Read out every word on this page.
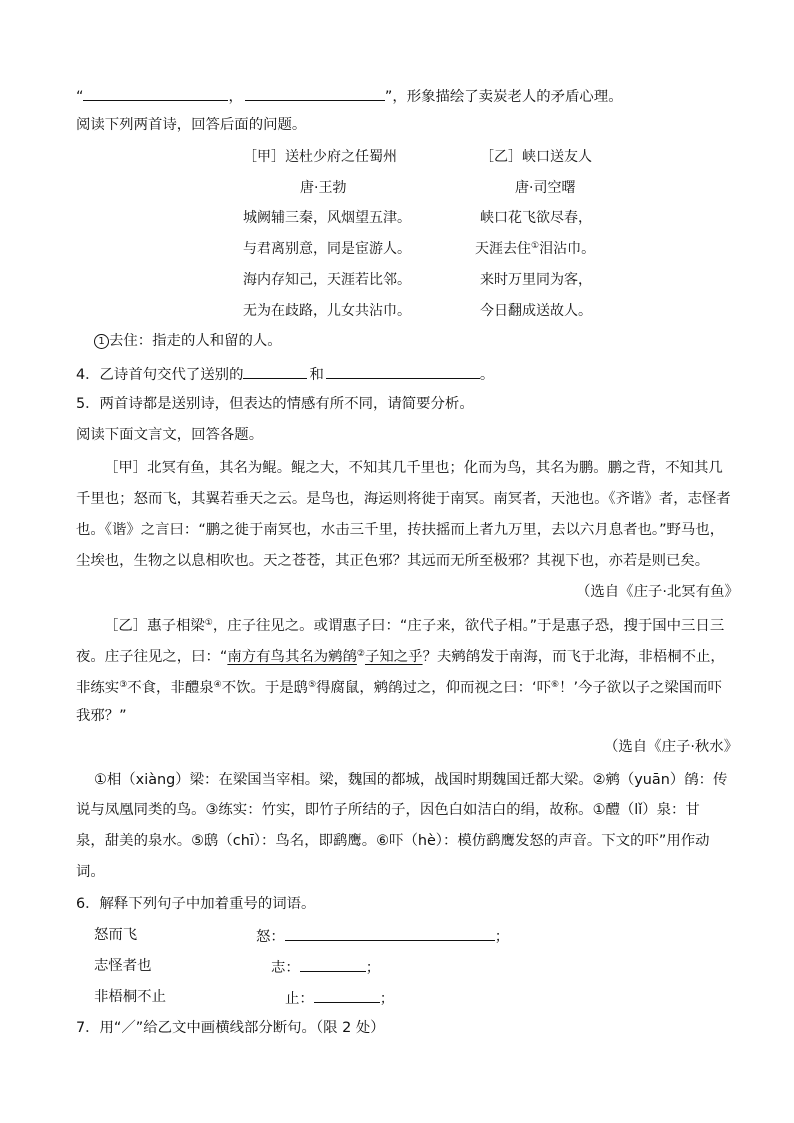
“	，	”，形象描绘了卖炭老人的矛盾心理。
阅读下列两首诗，回答后面的问题。
［甲］送杜少府之任蜀州
唐·王勃
城阙辅三秦，风烟望五津。
与君离别意，同是宦游人。
海内存知己，天涯若比邻。
无为在歧路，儿女共沾巾。
［乙］峡口送友人
唐·司空曙
峡口花飞欲尽春，
天涯去住①泪沾巾。
来时万里同为客，
今日翻成送故人。
1 去住：指走的人和留的人。
4．乙诗首句交代了送别的	和	。
5．两首诗都是送别诗，但表达的情感有所不同，请简要分析。
阅读下面文言文，回答各题。
［甲］北冥有鱼，其名为鲲。鲲之大，不知其几千里也；化而为鸟，其名为鹏。鹏之背，不知其几
千里也；怒而飞，其翼若垂天之云。是鸟也，海运则将徙于南冥。南冥者，天池也。《齐谐》者，志怪者
也。《谐》之言曰：“鹏之徙于南冥也，水击三千里，抟扶摇而上者九万里，去以六月息者也。”野马也，
尘埃也，生物之以息相吹也。天之苍苍，其正色邪？其远而无所至极邪？其视下也，亦若是则已矣。
（选自《庄子·北冥有鱼》
［乙］惠子相梁①，庄子往见之。或谓惠子曰：“庄子来，欲代子相。”于是惠子恐，搜于国中三日三
夜。庄子往见之，曰：“南方有鸟其名为鹓鹐②子知之乎？夫鹓鹐发于南海，而飞于北海，非梧桐不止，
非练实③不食，非醴泉④不饮。于是鸱⑤得腐鼠，鹓鹐过之，仰而视之曰：‘吓⑥！’今子欲以子之梁国而吓
我邪？”
（选自《庄子·秋水》
①相（xiàng）梁：在梁国当宰相。梁，魏国的都城，战国时期魏国迁都大梁。②鹓（yuān）鹐：传
说与凤凰同类的鸟。③练实：竹实，即竹子所结的子，因色白如洁白的绢，故称。①醴（lǐ）泉：甘
泉，甜美的泉水。⑤鸱（chī）：鸟名，即鹞鹰。⑥吓（hè）：模仿鹞鹰发怒的声音。下文的吓”用作动
词。
6．解释下列句子中加着重号的词语。
怒而飞	怒：	；
志怪者也	志：	；
非梧桐不止	止：	；
7．用“／”给乙文中画横线部分断句。（限 2 处）
